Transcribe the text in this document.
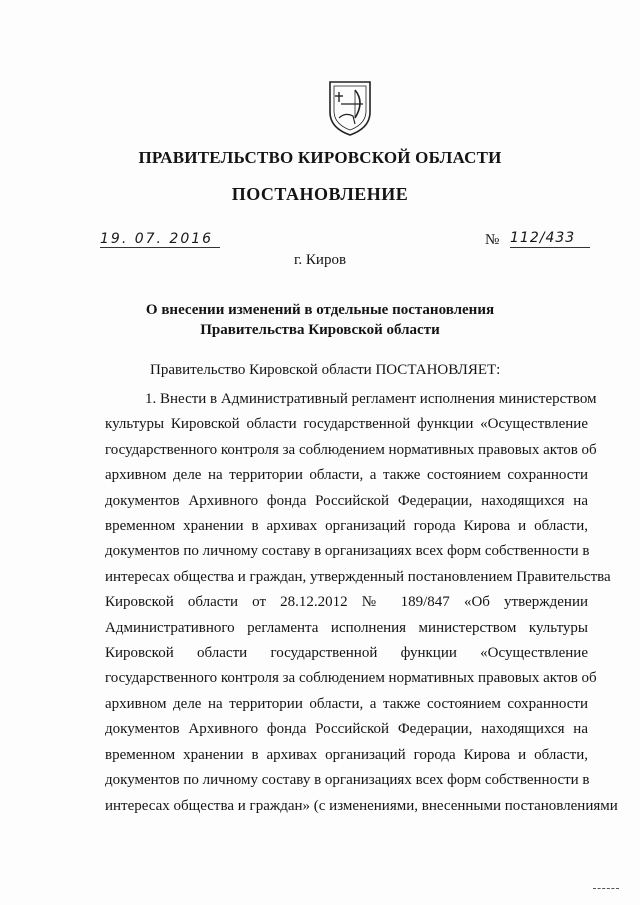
ПРАВИТЕЛЬСТВО КИРОВСКОЙ ОБЛАСТИ
ПОСТАНОВЛЕНИЕ
19. 07. 2016	№ 112/433
г. Киров
О внесении изменений в отдельные постановления
Правительства Кировской области
Правительство Кировской области ПОСТАНОВЛЯЕТ:
1. Внести в Административный регламент исполнения министерством
культуры Кировской области государственной функции «Осуществление
государственного контроля за соблюдением нормативных правовых актов об
архивном деле на территории области, а также состоянием сохранности
документов Архивного фонда Российской Федерации, находящихся на
временном хранении в архивах организаций города Кирова и области,
документов по личному составу в организациях всех форм собственности в
интересах общества и граждан, утвержденный постановлением Правительства
Кировской области от 28.12.2012 № 189/847 «Об утверждении
Административного регламента исполнения министерством культуры
Кировской области государственной функции «Осуществление
государственного контроля за соблюдением нормативных правовых актов об
архивном деле на территории области, а также состоянием сохранности
документов Архивного фонда Российской Федерации, находящихся на
временном хранении в архивах организаций города Кирова и области,
документов по личному составу в организациях всех форм собственности в
интересах общества и граждан» (с изменениями, внесенными постановлениями
